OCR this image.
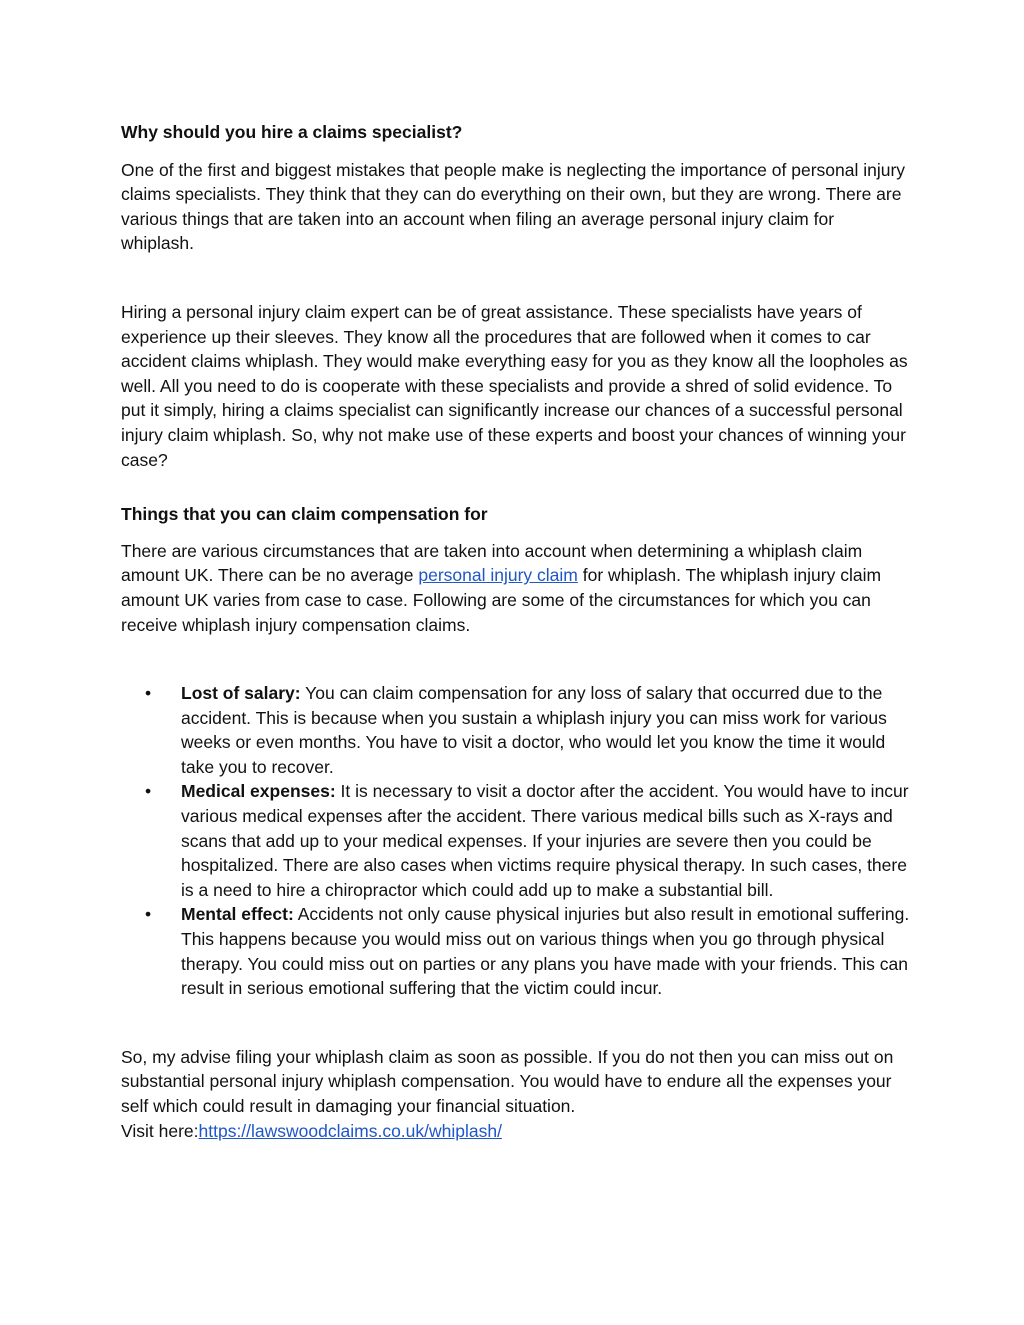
Why should you hire a claims specialist?

One of the first and biggest mistakes that people make is neglecting the importance of personal injury claims specialists. They think that they can do everything on their own, but they are wrong. There are various things that are taken into an account when filing an average personal injury claim for whiplash.

Hiring a personal injury claim expert can be of great assistance. These specialists have years of experience up their sleeves. They know all the procedures that are followed when it comes to car accident claims whiplash. They would make everything easy for you as they know all the loopholes as well. All you need to do is cooperate with these specialists and provide a shred of solid evidence. To put it simply, hiring a claims specialist can significantly increase our chances of a successful personal injury claim whiplash. So, why not make use of these experts and boost your chances of winning your case?

Things that you can claim compensation for

There are various circumstances that are taken into account when determining a whiplash claim amount UK. There can be no average personal injury claim for whiplash. The whiplash injury claim amount UK varies from case to case. Following are some of the circumstances for which you can receive whiplash injury compensation claims.

• Lost of salary: You can claim compensation for any loss of salary that occurred due to the accident. This is because when you sustain a whiplash injury you can miss work for various weeks or even months. You have to visit a doctor, who would let you know the time it would take you to recover.
• Medical expenses: It is necessary to visit a doctor after the accident. You would have to incur various medical expenses after the accident. There various medical bills such as X-rays and scans that add up to your medical expenses. If your injuries are severe then you could be hospitalized. There are also cases when victims require physical therapy. In such cases, there is a need to hire a chiropractor which could add up to make a substantial bill.
• Mental effect: Accidents not only cause physical injuries but also result in emotional suffering. This happens because you would miss out on various things when you go through physical therapy. You could miss out on parties or any plans you have made with your friends. This can result in serious emotional suffering that the victim could incur.

So, my advise filing your whiplash claim as soon as possible. If you do not then you can miss out on substantial personal injury whiplash compensation. You would have to endure all the expenses your self which could result in damaging your financial situation.

Visit here:https://lawswoodclaims.co.uk/whiplash/
